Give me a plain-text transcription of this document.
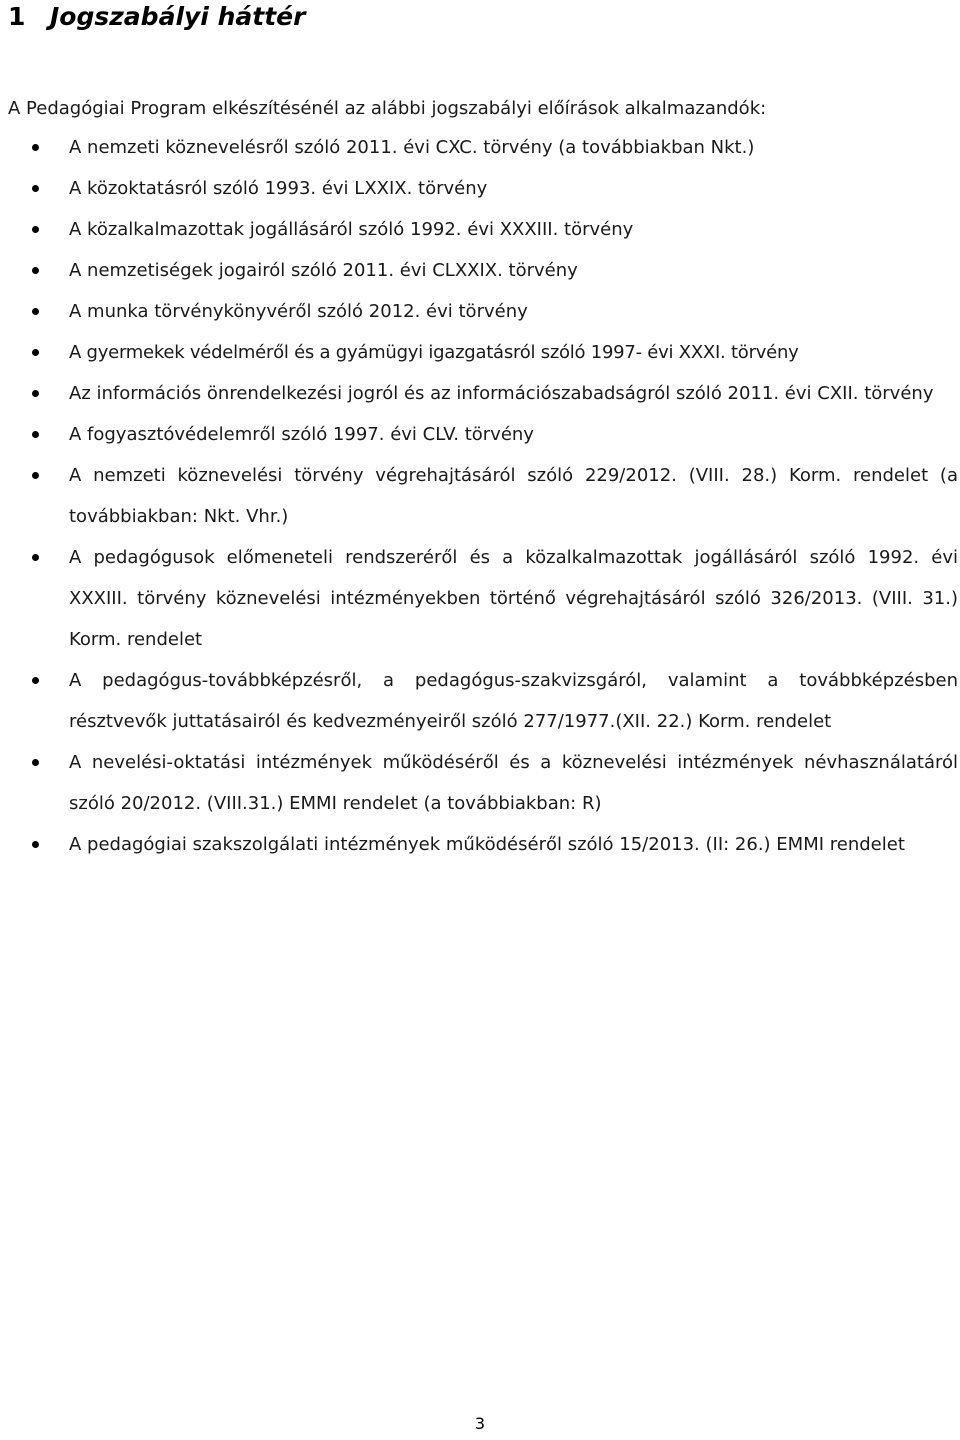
1 Jogszabályi háttér

A Pedagógiai Program elkészítésénél az alábbi jogszabályi előírások alkalmazandók:

A nemzeti köznevelésről szóló 2011. évi CXC. törvény (a továbbiakban Nkt.)
A közoktatásról szóló 1993. évi LXXIX. törvény
A közalkalmazottak jogállásáról szóló 1992. évi XXXIII. törvény
A nemzetiségek jogairól szóló 2011. évi CLXXIX. törvény
A munka törvénykönyvéről szóló 2012. évi törvény
A gyermekek védelméről és a gyámügyi igazgatásról szóló 1997- évi XXXI. törvény
Az információs önrendelkezési jogról és az információszabadságról szóló 2011. évi CXII. törvény
A fogyasztóvédelemről szóló 1997. évi CLV. törvény
A nemzeti köznevelési törvény végrehajtásáról szóló 229/2012. (VIII. 28.) Korm. rendelet (a továbbiakban: Nkt. Vhr.)
A pedagógusok előmeneteli rendszeréről és a közalkalmazottak jogállásáról szóló 1992. évi XXXIII. törvény köznevelési intézményekben történő végrehajtásáról szóló 326/2013. (VIII. 31.) Korm. rendelet
A pedagógus-továbbképzésről, a pedagógus-szakvizsgáról, valamint a továbbképzésben résztvevők juttatásairól és kedvezményeiről szóló 277/1977.(XII. 22.) Korm. rendelet
A nevelési-oktatási intézmények működéséről és a köznevelési intézmények névhasználatáról szóló 20/2012. (VIII.31.) EMMI rendelet (a továbbiakban: R)
A pedagógiai szakszolgálati intézmények működéséről szóló 15/2013. (II: 26.) EMMI rendelet
3
